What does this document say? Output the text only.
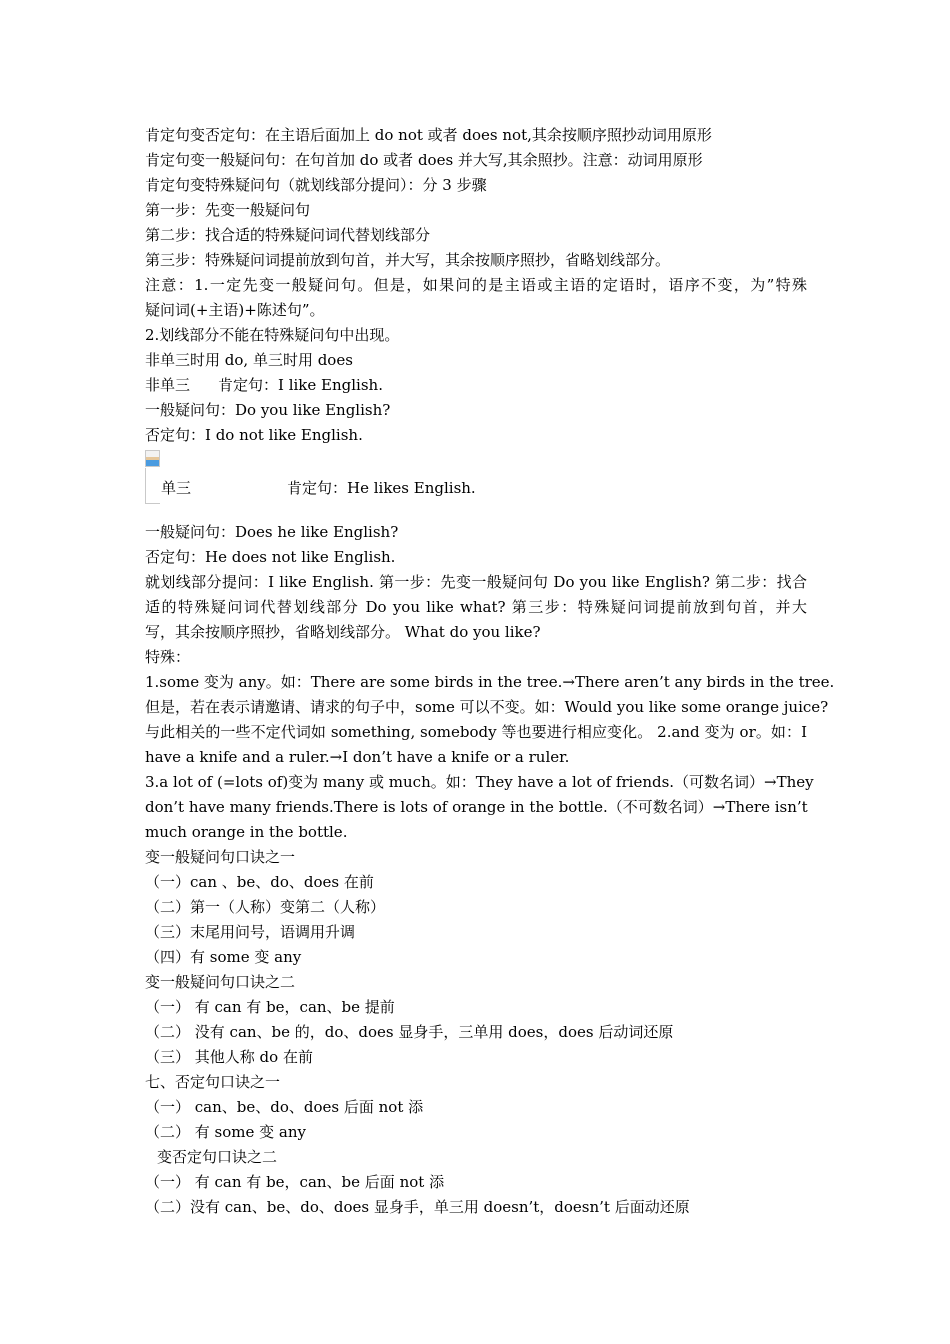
肯定句变否定句：在主语后面加上 do not 或者 does not,其余按顺序照抄动词用原形
肯定句变一般疑问句：在句首加 do 或者 does 并大写,其余照抄。注意：动词用原形
肯定句变特殊疑问句（就划线部分提问）：分 3 步骤
第一步：先变一般疑问句
第二步：找合适的特殊疑问词代替划线部分
第三步：特殊疑问词提前放到句首，并大写，其余按顺序照抄，省略划线部分。
注意：1.一定先变一般疑问句。但是，如果问的是主语或主语的定语时，语序不变，为”特殊
疑问词(+主语)+陈述句”。
2.划线部分不能在特殊疑问句中出现。
非单三时用 do, 单三时用 does
非单三 肯定句：I like English.
一般疑问句：Do you like English?
否定句：I do not like English.
单三	肯定句：He likes English.
一般疑问句：Does he like English?
否定句：He does not like English.
就划线部分提问：I like English. 第一步：先变一般疑问句 Do you like English? 第二步：找合
适的特殊疑问词代替划线部分 Do you like what? 第三步：特殊疑问词提前放到句首，并大
写，其余按顺序照抄，省略划线部分。 What do you like?
特殊：
1.some 变为 any。如：There are some birds in the tree.→There aren’t any birds in the tree.
但是，若在表示请邀请、请求的句子中，some 可以不变。如：Would you like some orange juice?
与此相关的一些不定代词如 something, somebody 等也要进行相应变化。 2.and 变为 or。如：I
have a knife and a ruler.→I don’t have a knife or a ruler.
3.a lot of (=lots of)变为 many 或 much。如：They have a lot of friends.（可数名词）→They
don’t have many friends.There is lots of orange in the bottle.（不可数名词）→There isn’t
much orange in the bottle.
变一般疑问句口诀之一
（一）can 、be、do、does 在前
（二）第一（人称）变第二（人称）
（三）末尾用问号，语调用升调
（四）有 some 变 any
变一般疑问句口诀之二
（一） 有 can 有 be，can、be 提前
（二） 没有 can、be 的，do、does 显身手，三单用 does，does 后动词还原
（三） 其他人称 do 在前
七、否定句口诀之一
（一） can、be、do、does 后面 not 添
（二） 有 some 变 any
变否定句口诀之二
（一） 有 can 有 be，can、be 后面 not 添
（二）没有 can、be、do、does 显身手，单三用 doesn’t，doesn’t 后面动还原
